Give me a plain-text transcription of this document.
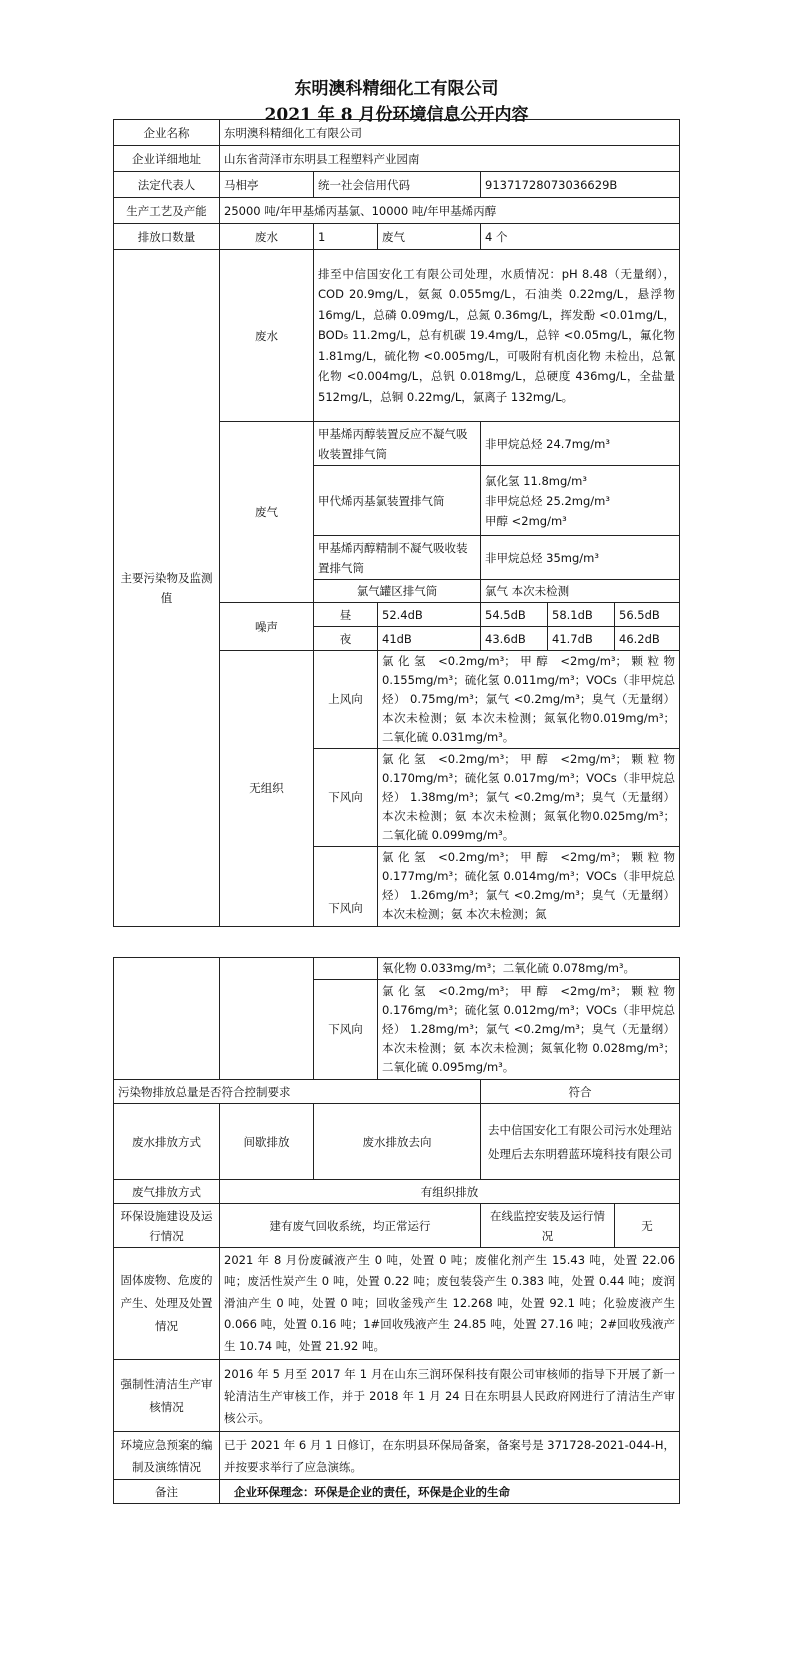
东明澳科精细化工有限公司
2021 年 8 月份环境信息公开内容
企业名称	东明澳科精细化工有限公司					
企业详细地址	山东省菏泽市东明县工程塑料产业园南					
法定代表人	马相亭	统一社会信用代码		91371728073036629B		
生产工艺及产能	25000 吨/年甲基烯丙基氯、10000 吨/年甲基烯丙醇					
排放口数量	废水	1	废气	4 个		
主要污染物及监测值	废水	排至中信国安化工有限公司处理，水质情况：pH 8.48（无量纲），COD 20.9mg/L，氨氮 0.055mg/L，石油类 0.22mg/L，悬浮物 16mg/L，总磷 0.09mg/L，总氮 0.36mg/L，挥发酚 <0.01mg/L，BOD₅ 11.2mg/L，总有机碳 19.4mg/L，总锌 <0.05mg/L，氟化物 1.81mg/L，硫化物 <0.005mg/L，可吸附有机卤化物 未检出，总氰化物 <0.004mg/L，总钒 0.018mg/L，总硬度 436mg/L，全盐量 512mg/L，总铜 0.22mg/L，氯离子 132mg/L。				
	废气	甲基烯丙醇装置反应不凝气吸收装置排气筒		非甲烷总烃 24.7mg/m³		

		甲代烯丙基氯装置排气筒		氯化氢 11.8mg/m³
非甲烷总烃 25.2mg/m³
甲醇 <2mg/m³		

		甲基烯丙醇精制不凝气吸收装置排气筒		非甲烷总烃 35mg/m³		

		氯气罐区排气筒		氯气 本次未检测		

	噪声	昼	52.4dB	54.5dB	58.1dB	56.5dB
		夜	41dB	43.6dB	41.7dB	46.2dB
	无组织	上风向	氯化氢 <0.2mg/m³；甲醇 <2mg/m³；颗粒物 0.155mg/m³；硫化氢 0.011mg/m³；VOCs（非甲烷总烃） 0.75mg/m³；氯气 <0.2mg/m³；臭气（无量纲） 本次未检测；氨 本次未检测；氮氧化物0.019mg/m³；二氧化硫 0.031mg/m³。			
		下风向	氯化氢 <0.2mg/m³；甲醇 <2mg/m³；颗粒物 0.170mg/m³；硫化氢 0.017mg/m³；VOCs（非甲烷总烃） 1.38mg/m³；氯气 <0.2mg/m³；臭气（无量纲） 本次未检测；氨 本次未检测；氮氧化物0.025mg/m³；二氧化硫 0.099mg/m³。			
		下风向	氯化氢 <0.2mg/m³；甲醇 <2mg/m³；颗粒物 0.177mg/m³；硫化氢 0.014mg/m³；VOCs（非甲烷总烃） 1.26mg/m³；氯气 <0.2mg/m³；臭气（无量纲） 本次未检测；氨 本次未检测；氮			
			氧化物 0.033mg/m³；二氧化硫 0.078mg/m³。		
		下风向	氯化氢 <0.2mg/m³；甲醇 <2mg/m³；颗粒物 0.176mg/m³；硫化氢 0.012mg/m³；VOCs（非甲烷总烃） 1.28mg/m³；氯气 <0.2mg/m³；臭气（无量纲） 本次未检测；氨 本次未检测；氮氧化物 0.028mg/m³；二氧化硫 0.095mg/m³。		
污染物排放总量是否符合控制要求				符合	
废水排放方式	间歇排放	废水排放去向		去中信国安化工有限公司污水处理站处理后去东明碧蓝环境科技有限公司	
废气排放方式	有组织排放				
环保设施建设及运行情况	建有废气回收系统，均正常运行			在线监控安装及运行情况	无
固体废物、危废的产生、处理及处置情况	2021 年 8 月份废碱液产生 0 吨，处置 0 吨；废催化剂产生 15.43 吨，处置 22.06 吨；废活性炭产生 0 吨，处置 0.22 吨；废包装袋产生 0.383 吨，处置 0.44 吨；废润滑油产生 0 吨，处置 0 吨；回收釜残产生 12.268 吨，处置 92.1 吨；化验废液产生 0.066 吨，处置 0.16 吨；1#回收残液产生 24.85 吨，处置 27.16 吨；2#回收残液产生 10.74 吨，处置 21.92 吨。				
强制性清洁生产审核情况	2016 年 5 月至 2017 年 1 月在山东三润环保科技有限公司审核师的指导下开展了新一轮清洁生产审核工作，并于 2018 年 1 月 24 日在东明县人民政府网进行了清洁生产审核公示。				
环境应急预案的编制及演练情况	已于 2021 年 6 月 1 日修订，在东明县环保局备案，备案号是 371728-2021-044-H，并按要求举行了应急演练。				
备注	企业环保理念：环保是企业的责任，环保是企业的生命				
